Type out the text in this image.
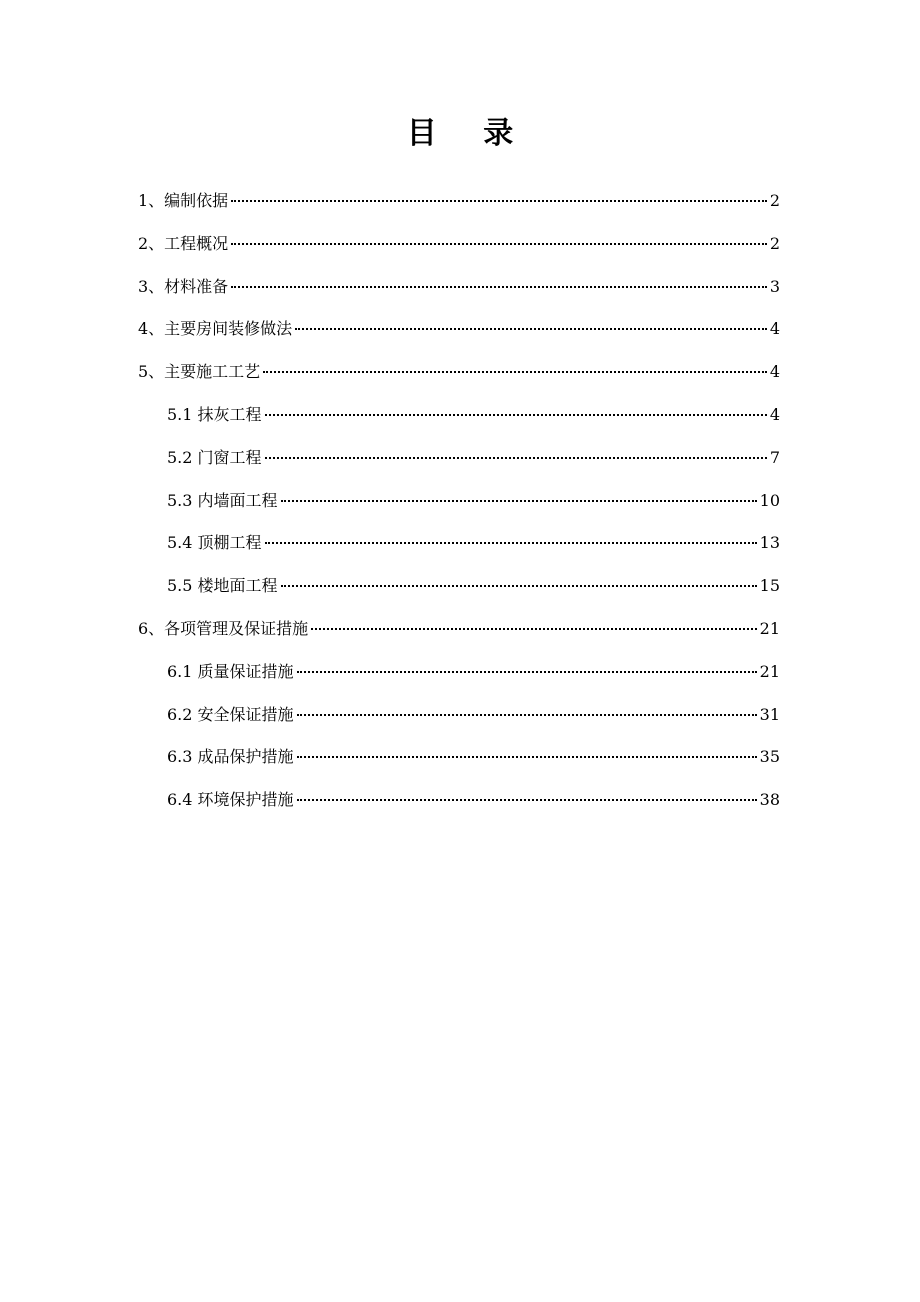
目 录
1、编制依据	2
2、工程概况	2
3、材料准备	3
4、主要房间装修做法	4
5、主要施工工艺	4
5.1 抹灰工程	4
5.2 门窗工程	7
5.3 内墙面工程	10
5.4 顶棚工程	13
5.5 楼地面工程	15
6、各项管理及保证措施	21
6.1 质量保证措施	21
6.2 安全保证措施	31
6.3 成品保护措施	35
6.4 环境保护措施	38
